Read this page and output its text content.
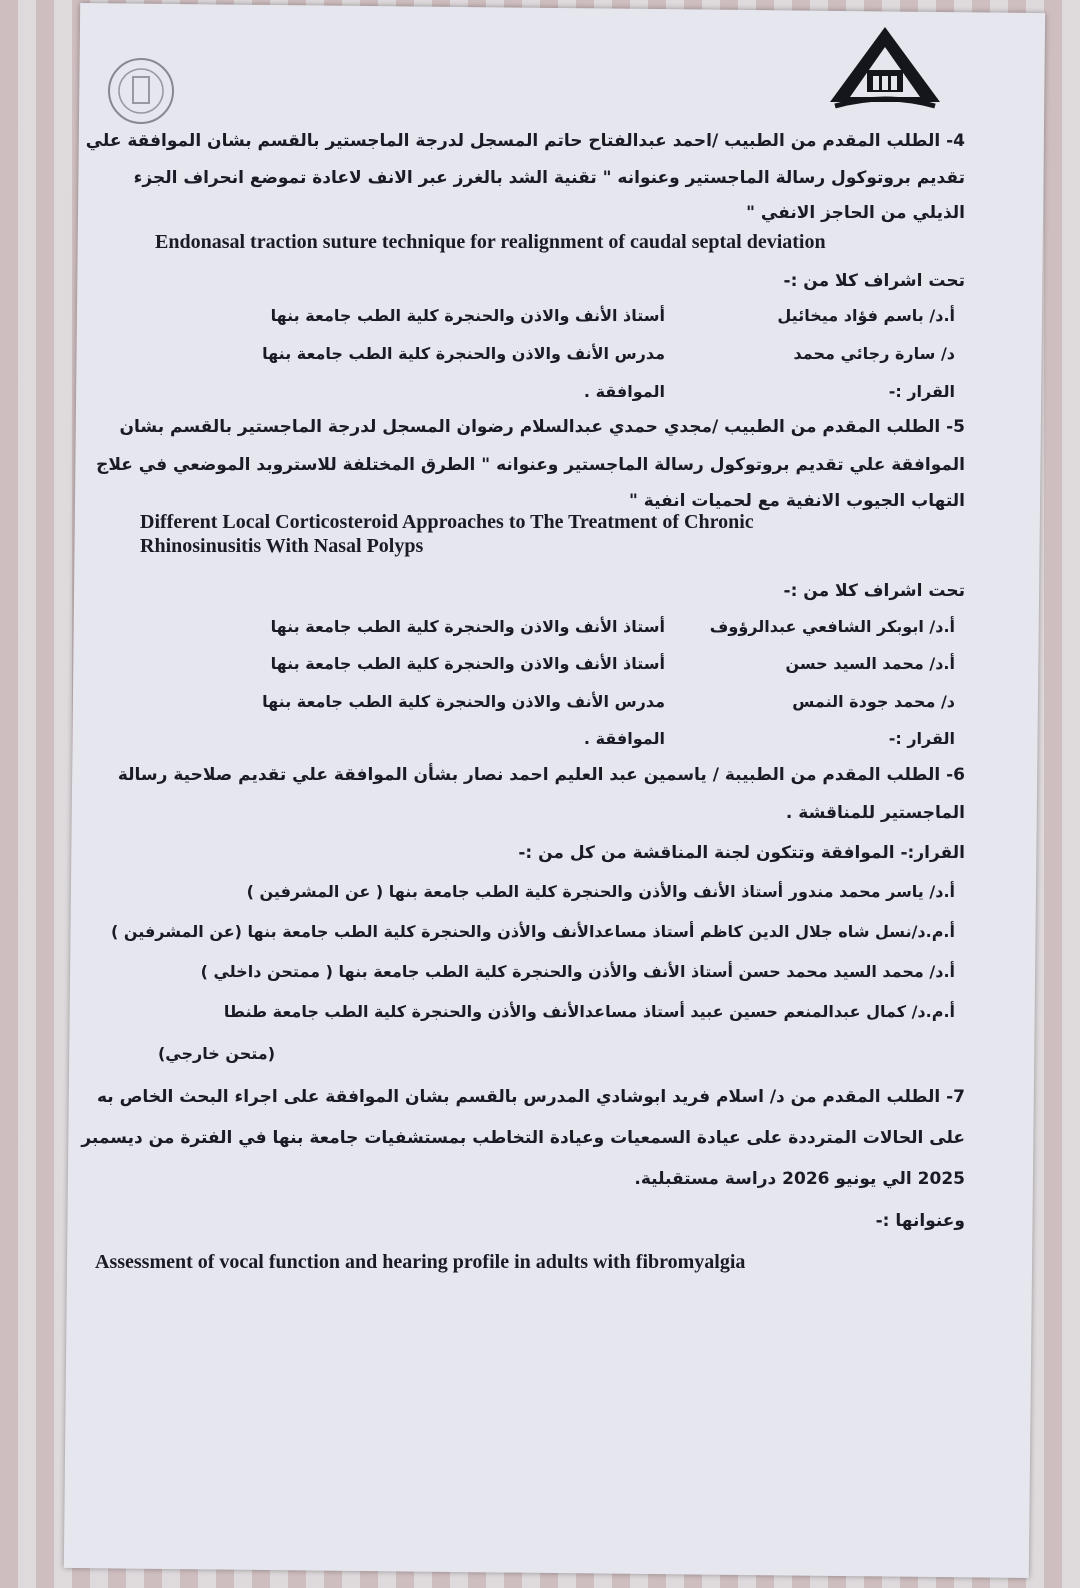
4- الطلب المقدم من الطبيب /احمد عبدالفتاح حاتم المسجل لدرجة الماجستير بالقسم بشان الموافقة علي
تقديم بروتوكول رسالة الماجستير وعنوانه " تقنية الشد بالغرز عبر الانف لاعادة تموضع انحراف الجزء
الذيلي من الحاجز الانفي "
Endonasal traction suture technique for realignment of caudal septal deviation
تحت اشراف كلا من :-
أ.د/ باسم فؤاد ميخائيل
أستاذ الأنف والاذن والحنجرة كلية الطب جامعة بنها
د/ سارة رجائي محمد
مدرس الأنف والاذن والحنجرة كلية الطب جامعة بنها
القرار :-
الموافقة .
5- الطلب المقدم من الطبيب /مجدي حمدي عبدالسلام رضوان المسجل لدرجة الماجستير بالقسم بشان
الموافقة علي تقديم بروتوكول رسالة الماجستير وعنوانه " الطرق المختلفة للاستروبد الموضعي في علاج
التهاب الجيوب الانفية مع لحميات انفية "
Different Local Corticosteroid Approaches to The Treatment of Chronic
Rhinosinusitis With Nasal Polyps
تحت اشراف كلا من :-
أ.د/ ابوبكر الشافعي عبدالرؤوف
أستاذ الأنف والاذن والحنجرة كلية الطب جامعة بنها
أ.د/ محمد السيد حسن
أستاذ الأنف والاذن والحنجرة كلية الطب جامعة بنها
د/ محمد جودة النمس
مدرس الأنف والاذن والحنجرة كلية الطب جامعة بنها
القرار :-
الموافقة .
6- الطلب المقدم من الطبيبة / ياسمين عبد العليم احمد نصار بشأن الموافقة علي تقديم صلاحية رسالة
الماجستير للمناقشة .
القرار:- الموافقة وتتكون لجنة المناقشة من كل من :-
أ.د/ ياسر محمد مندور أستاذ الأنف والأذن والحنجرة كلية الطب جامعة بنها ( عن المشرفين )
أ.م.د/نسل شاه جلال الدين كاظم أستاذ مساعدالأنف والأذن والحنجرة كلية الطب جامعة بنها (عن المشرفين )
أ.د/ محمد السيد محمد حسن أستاذ الأنف والأذن والحنجرة كلية الطب جامعة بنها ( ممتحن داخلي )
أ.م.د/ كمال عبدالمنعم حسين عبيد أستاذ مساعدالأنف والأذن والحنجرة كلية الطب جامعة طنطا
(متحن خارجي)
7- الطلب المقدم من د/ اسلام فريد ابوشادي المدرس بالقسم بشان الموافقة على اجراء البحث الخاص به
على الحالات المترددة على عيادة السمعيات وعيادة التخاطب بمستشفيات جامعة بنها في الفترة من ديسمبر
2025 الي يونيو 2026 دراسة مستقبلية.
وعنوانها :-
Assessment of vocal function and hearing profile in adults with fibromyalgia
